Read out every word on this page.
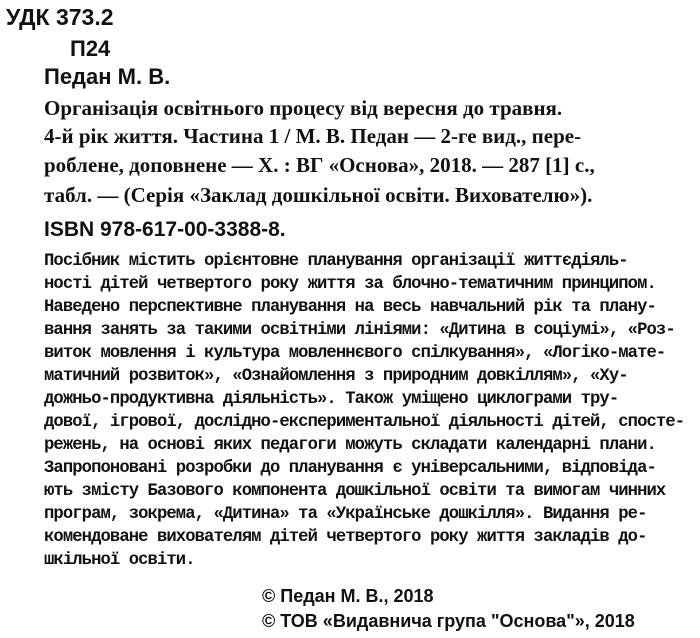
УДК 373.2
П24
Педан М. В.
Організація освітнього процесу від вересня до травня.
4-й рік життя. Частина 1 / М. В. Педан — 2-ге вид., пере-
роблене, доповнене — Х. : ВГ «Основа», 2018. — 287 [1] с.,
табл. — (Серія «Заклад дошкільної освіти. Вихователю»).
ISBN 978-617-00-3388-8.
Посібник містить орієнтовне планування організації життєдіяль-
ності дітей четвертого року життя за блочно-тематичним принципом.
Наведено перспективне планування на весь навчальний рік та плану-
вання занять за такими освітніми лініями: «Дитина в соціумі», «Роз-
виток мовлення і культура мовленнєвого спілкування», «Логіко-мате-
матичний розвиток», «Ознайомлення з природним довкіллям», «Ху-
дожньо-продуктивна діяльність». Також уміщено циклограми тру-
дової, ігрової, дослідно-експериментальної діяльності дітей, спосте-
режень, на основі яких педагоги можуть складати календарні плани.
Запропоновані розробки до планування є універсальними, відповіда-
ють змісту Базового компонента дошкільної освіти та вимогам чинних
програм, зокрема, «Дитина» та «Українське дошкілля». Видання ре-
комендоване вихователям дітей четвертого року життя закладів до-
шкільної освіти.
© Педан М. В., 2018
© ТОВ «Видавнича група "Основа"», 2018
